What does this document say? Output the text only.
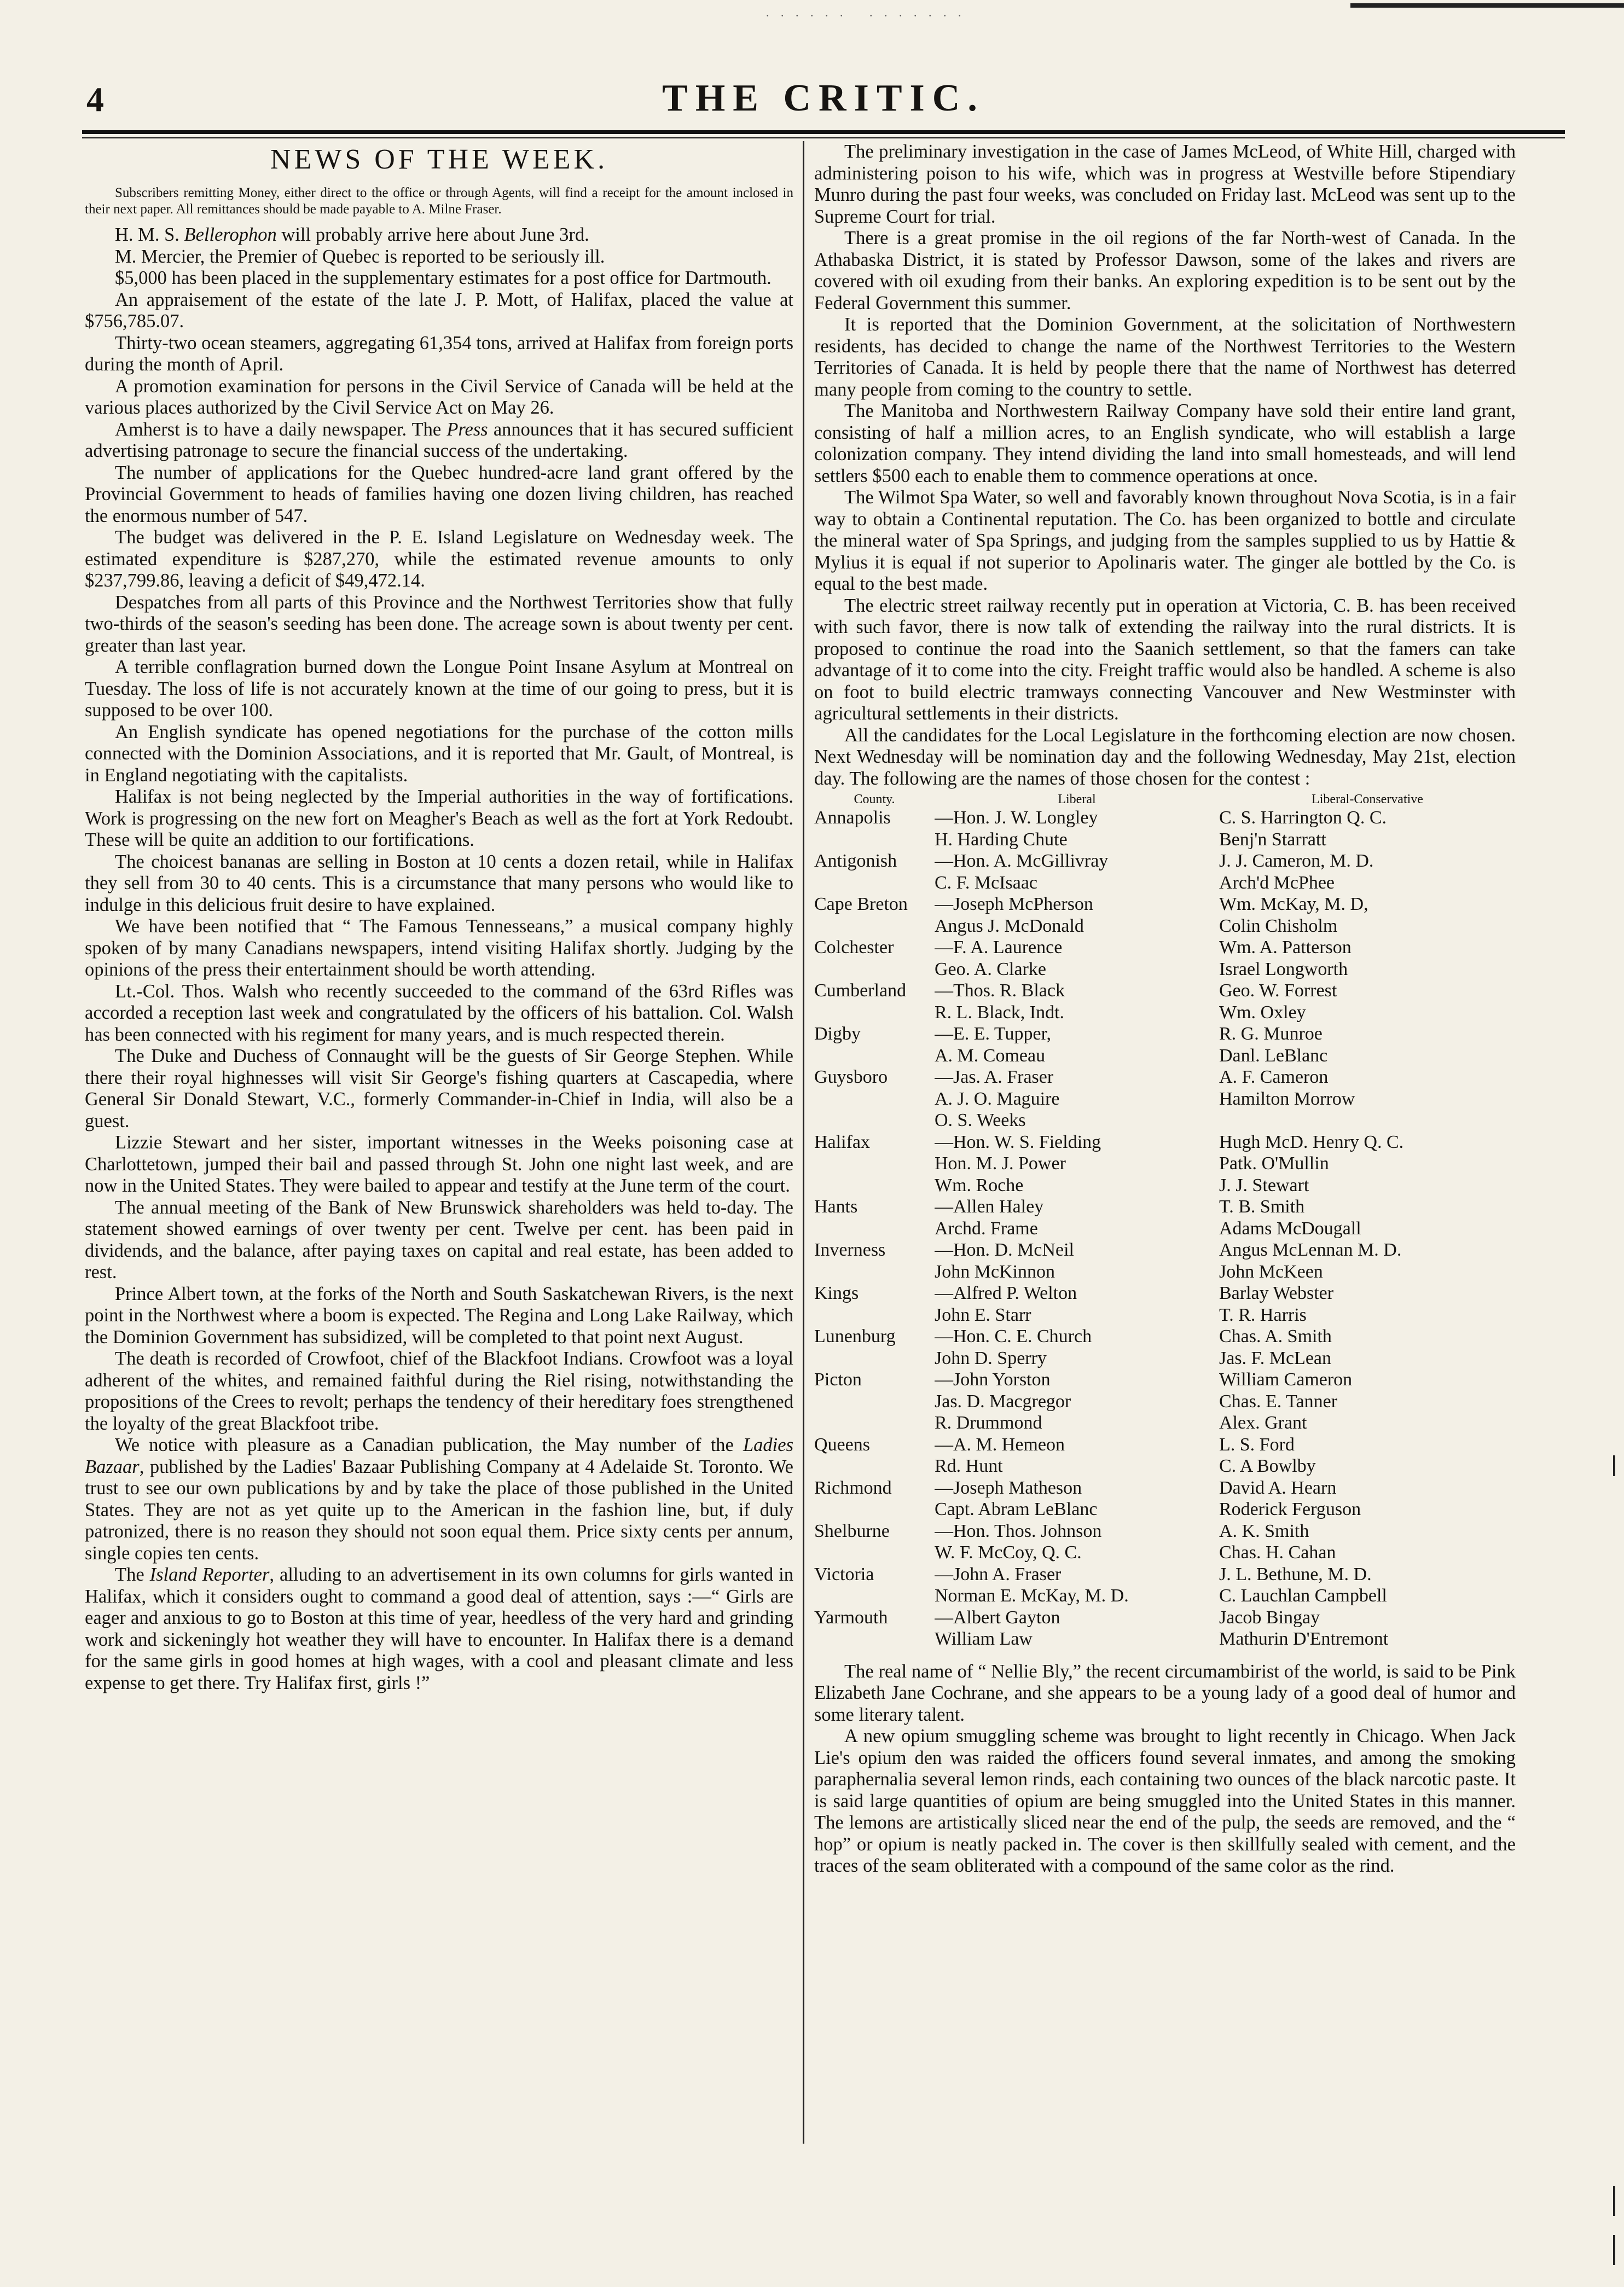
. . . . . .   . . . . . . .
4	THE CRITIC.
NEWS OF THE WEEK.

Subscribers remitting Money, either direct to the office or through Agents, will find a receipt for the amount inclosed in their next paper. All remittances should be made payable to A. Milne Fraser.

H. M. S. Bellerophon will probably arrive here about June 3rd.

M. Mercier, the Premier of Quebec is reported to be seriously ill.

$5,000 has been placed in the supplementary estimates for a post office for Dartmouth.

An appraisement of the estate of the late J. P. Mott, of Halifax, placed the value at $756,785.07.

Thirty-two ocean steamers, aggregating 61,354 tons, arrived at Halifax from foreign ports during the month of April.

A promotion examination for persons in the Civil Service of Canada will be held at the various places authorized by the Civil Service Act on May 26.

Amherst is to have a daily newspaper. The Press announces that it has secured sufficient advertising patronage to secure the financial success of the undertaking.

The number of applications for the Quebec hundred-acre land grant offered by the Provincial Government to heads of families having one dozen living children, has reached the enormous number of 547.

The budget was delivered in the P. E. Island Legislature on Wednesday week. The estimated expenditure is $287,270, while the estimated revenue amounts to only $237,799.86, leaving a deficit of $49,472.14.

Despatches from all parts of this Province and the Northwest Territories show that fully two-thirds of the season's seeding has been done. The acreage sown is about twenty per cent. greater than last year.

A terrible conflagration burned down the Longue Point Insane Asylum at Montreal on Tuesday. The loss of life is not accurately known at the time of our going to press, but it is supposed to be over 100.

An English syndicate has opened negotiations for the purchase of the cotton mills connected with the Dominion Associations, and it is reported that Mr. Gault, of Montreal, is in England negotiating with the capitalists.

Halifax is not being neglected by the Imperial authorities in the way of fortifications. Work is progressing on the new fort on Meagher's Beach as well as the fort at York Redoubt. These will be quite an addition to our fortifications.

The choicest bananas are selling in Boston at 10 cents a dozen retail, while in Halifax they sell from 30 to 40 cents. This is a circumstance that many persons who would like to indulge in this delicious fruit desire to have explained.

We have been notified that “ The Famous Tennesseans,” a musical company highly spoken of by many Canadians newspapers, intend visiting Halifax shortly. Judging by the opinions of the press their entertainment should be worth attending.

Lt.-Col. Thos. Walsh who recently succeeded to the command of the 63rd Rifles was accorded a reception last week and congratulated by the officers of his battalion. Col. Walsh has been connected with his regiment for many years, and is much respected therein.

The Duke and Duchess of Connaught will be the guests of Sir George Stephen. While there their royal highnesses will visit Sir George's fishing quarters at Cascapedia, where General Sir Donald Stewart, V.C., formerly Commander-in-Chief in India, will also be a guest.

Lizzie Stewart and her sister, important witnesses in the Weeks poisoning case at Charlottetown, jumped their bail and passed through St. John one night last week, and are now in the United States. They were bailed to appear and testify at the June term of the court.

The annual meeting of the Bank of New Brunswick shareholders was held to-day. The statement showed earnings of over twenty per cent. Twelve per cent. has been paid in dividends, and the balance, after paying taxes on capital and real estate, has been added to rest.

Prince Albert town, at the forks of the North and South Saskatchewan Rivers, is the next point in the Northwest where a boom is expected. The Regina and Long Lake Railway, which the Dominion Government has subsidized, will be completed to that point next August.

The death is recorded of Crowfoot, chief of the Blackfoot Indians. Crowfoot was a loyal adherent of the whites, and remained faithful during the Riel rising, notwithstanding the propositions of the Crees to revolt; perhaps the tendency of their hereditary foes strengthened the loyalty of the great Blackfoot tribe.

We notice with pleasure as a Canadian publication, the May number of the Ladies Bazaar, published by the Ladies' Bazaar Publishing Company at 4 Adelaide St. Toronto. We trust to see our own publications by and by take the place of those published in the United States. They are not as yet quite up to the American in the fashion line, but, if duly patronized, there is no reason they should not soon equal them. Price sixty cents per annum, single copies ten cents.

The Island Reporter, alluding to an advertisement in its own columns for girls wanted in Halifax, which it considers ought to command a good deal of attention, says :—“ Girls are eager and anxious to go to Boston at this time of year, heedless of the very hard and grinding work and sickeningly hot weather they will have to encounter. In Halifax there is a demand for the same girls in good homes at high wages, with a cool and pleasant climate and less expense to get there. Try Halifax first, girls !”

The preliminary investigation in the case of James McLeod, of White Hill, charged with administering poison to his wife, which was in progress at Westville before Stipendiary Munro during the past four weeks, was concluded on Friday last. McLeod was sent up to the Supreme Court for trial.

There is a great promise in the oil regions of the far North-west of Canada. In the Athabaska District, it is stated by Professor Dawson, some of the lakes and rivers are covered with oil exuding from their banks. An exploring expedition is to be sent out by the Federal Government this summer.

It is reported that the Dominion Government, at the solicitation of Northwestern residents, has decided to change the name of the Northwest Territories to the Western Territories of Canada. It is held by people there that the name of Northwest has deterred many people from coming to the country to settle.

The Manitoba and Northwestern Railway Company have sold their entire land grant, consisting of half a million acres, to an English syndicate, who will establish a large colonization company. They intend dividing the land into small homesteads, and will lend settlers $500 each to enable them to commence operations at once.

The Wilmot Spa Water, so well and favorably known throughout Nova Scotia, is in a fair way to obtain a Continental reputation. The Co. has been organized to bottle and circulate the mineral water of Spa Springs, and judging from the samples supplied to us by Hattie & Mylius it is equal if not superior to Apolinaris water. The ginger ale bottled by the Co. is equal to the best made.

The electric street railway recently put in operation at Victoria, C. B. has been received with such favor, there is now talk of extending the railway into the rural districts. It is proposed to continue the road into the Saanich settlement, so that the famers can take advantage of it to come into the city. Freight traffic would also be handled. A scheme is also on foot to build electric tramways connecting Vancouver and New Westminster with agricultural settlements in their districts.

All the candidates for the Local Legislature in the forthcoming election are now chosen. Next Wednesday will be nomination day and the following Wednesday, May 21st, election day. The following are the names of those chosen for the contest :

County.	Liberal	Liberal-Conservative
Annapolis	—Hon. J. W. Longley	C. S. Harrington Q. C.
	H. Harding Chute	Benj'n Starratt
Antigonish	—Hon. A. McGillivray	J. J. Cameron, M. D.
	C. F. McIsaac	Arch'd McPhee
Cape Breton	—Joseph McPherson	Wm. McKay, M. D,
	Angus J. McDonald	Colin Chisholm
Colchester	—F. A. Laurence	Wm. A. Patterson
	Geo. A. Clarke	Israel Longworth
Cumberland	—Thos. R. Black	Geo. W. Forrest
	R. L. Black, Indt.	Wm. Oxley
Digby	—E. E. Tupper,	R. G. Munroe
	A. M. Comeau	Danl. LeBlanc
Guysboro	—Jas. A. Fraser	A. F. Cameron
	A. J. O. Maguire	Hamilton Morrow
	O. S. Weeks	
Halifax	—Hon. W. S. Fielding	Hugh McD. Henry Q. C.
	Hon. M. J. Power	Patk. O'Mullin
	Wm. Roche	J. J. Stewart
Hants	—Allen Haley	T. B. Smith
	Archd. Frame	Adams McDougall
Inverness	—Hon. D. McNeil	Angus McLennan M. D.
	John McKinnon	John McKeen
Kings	—Alfred P. Welton	Barlay Webster
	John E. Starr	T. R. Harris
Lunenburg	—Hon. C. E. Church	Chas. A. Smith
	John D. Sperry	Jas. F. McLean
Picton	—John Yorston	William Cameron
	Jas. D. Macgregor	Chas. E. Tanner
	R. Drummond	Alex. Grant
Queens	—A. M. Hemeon	L. S. Ford
	Rd. Hunt	C. A Bowlby
Richmond	—Joseph Matheson	David A. Hearn
	Capt. Abram LeBlanc	Roderick Ferguson
Shelburne	—Hon. Thos. Johnson	A. K. Smith
	W. F. McCoy, Q. C.	Chas. H. Cahan
Victoria	—John A. Fraser	J. L. Bethune, M. D.
	Norman E. McKay, M. D.	C. Lauchlan Campbell
Yarmouth	—Albert Gayton	Jacob Bingay
	William Law	Mathurin D'Entremont

The real name of “ Nellie Bly,” the recent circumambirist of the world, is said to be Pink Elizabeth Jane Cochrane, and she appears to be a young lady of a good deal of humor and some literary talent.

A new opium smuggling scheme was brought to light recently in Chicago. When Jack Lie's opium den was raided the officers found several inmates, and among the smoking paraphernalia several lemon rinds, each containing two ounces of the black narcotic paste. It is said large quantities of opium are being smuggled into the United States in this manner. The lemons are artistically sliced near the end of the pulp, the seeds are removed, and the “ hop” or opium is neatly packed in. The cover is then skillfully sealed with cement, and the traces of the seam obliterated with a compound of the same color as the rind.
